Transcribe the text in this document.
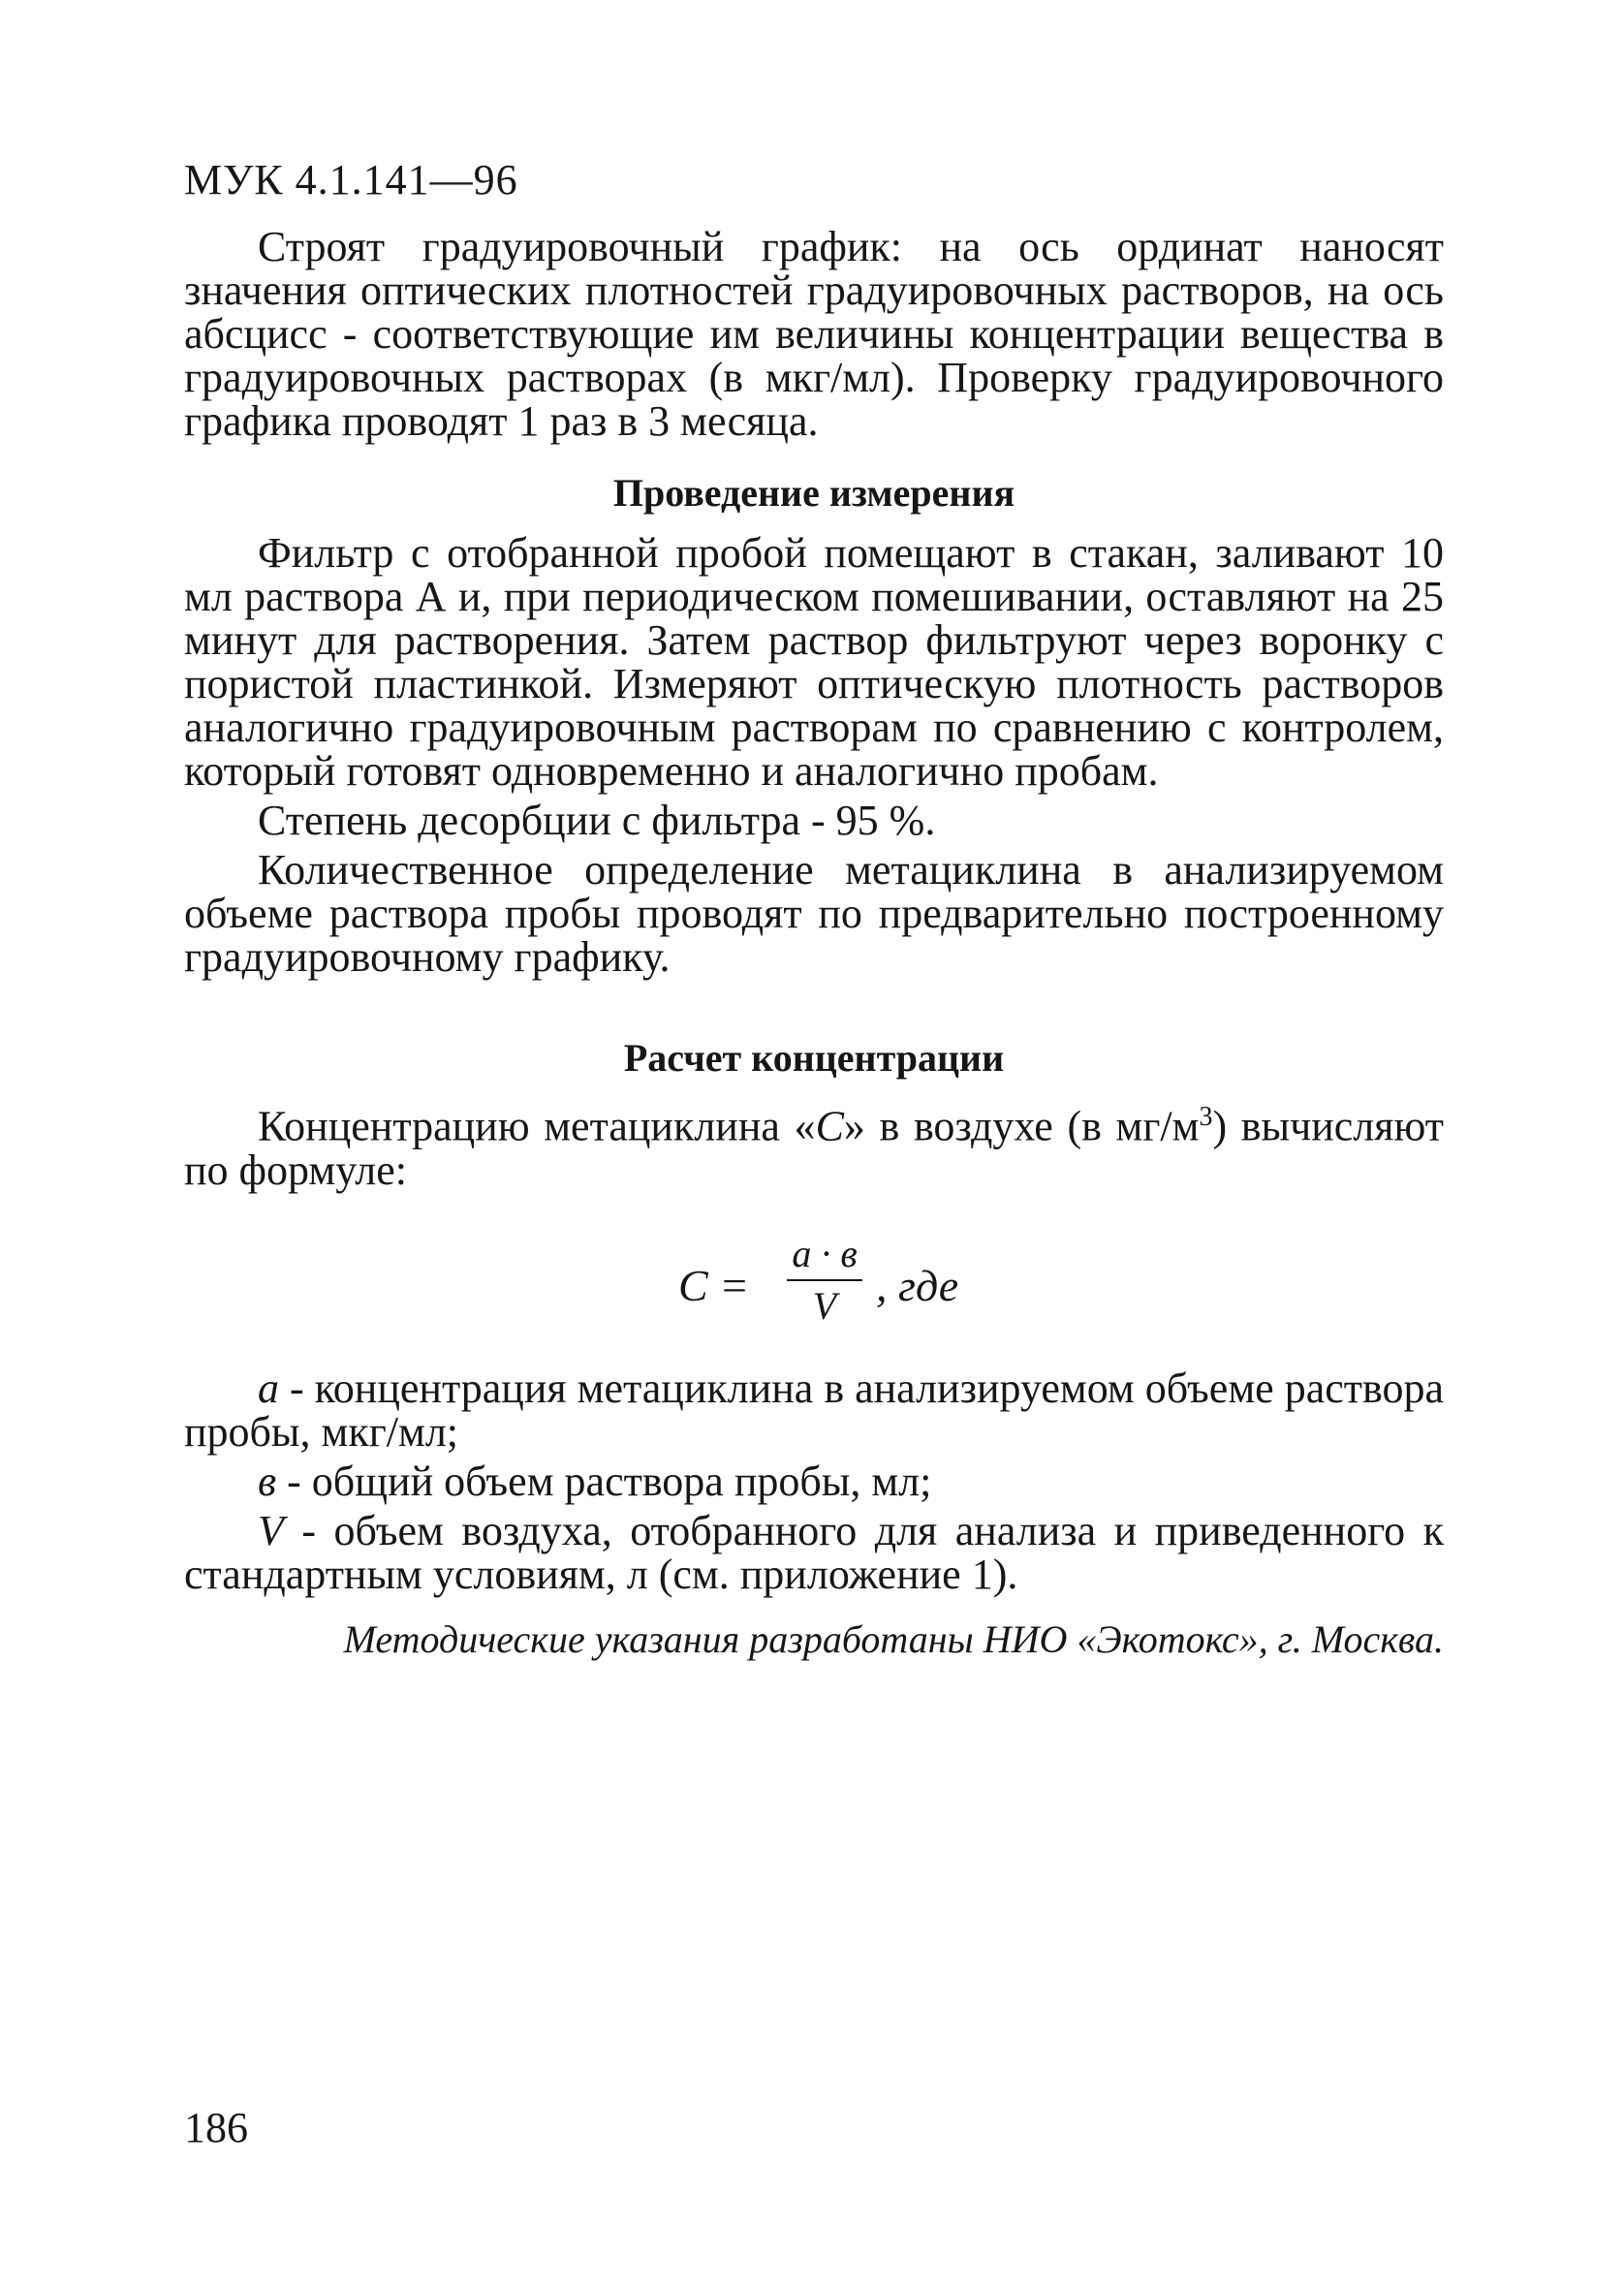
МУК 4.1.141—96

Строят градуировочный график: на ось ординат наносят значения оптических плотностей градуировочных растворов, на ось абсцисс - соответствующие им величины концентрации вещества в градуировочных растворах (в мкг/мл). Проверку градуировочного графика проводят 1 раз в 3 месяца.

Проведение измерения

Фильтр с отобранной пробой помещают в стакан, заливают 10 мл раствора А и, при периодическом помешивании, оставляют на 25 минут для растворения. Затем раствор фильтруют через воронку с пористой пластинкой. Измеряют оптическую плотность растворов аналогично градуировочным растворам по сравнению с контролем, который готовят одновременно и аналогично пробам.

Степень десорбции с фильтра - 95 %.

Количественное определение метациклина в анализируемом объеме раствора пробы проводят по предварительно построенному градуировочному графику.

Расчет концентрации

Концентрацию метациклина «С» в воздухе (в $мг/м^3$) вычисляют по формуле:

C =
а · в
V , где

а - концентрация метациклина в анализируемом объеме раствора пробы, мкг/мл;

в - общий объем раствора пробы, мл;

V - объем воздуха, отобранного для анализа и приведенного к стандартным условиям, л (см. приложение 1).

Методические указания разработаны НИО «Экотокс», г. Москва.
186
